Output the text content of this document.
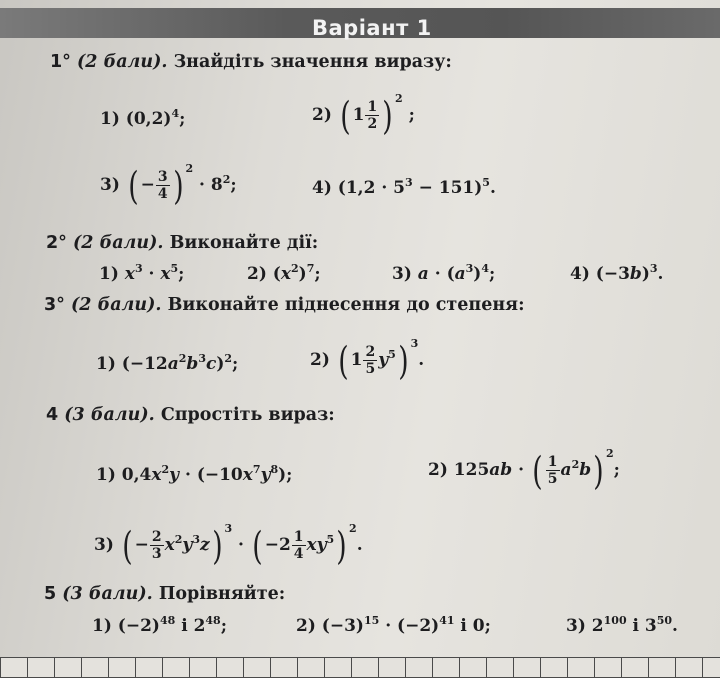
Варіант 1
1° (2 бали). Знайдіть значення виразу:
1) $(0,2)^4$;	2) ( $1 \frac{1}{2}$ ) $^2$ ;
3) ( − $\frac{3}{4}$ ) $^2 \cdot 8^2$;	4) $(1,2 \cdot 5^3 - 151)^5$.
2° (2 бали). Виконайте дії:
1) $x^3 \cdot x^5$;	2) $(x^2)^7$;	3) $a \cdot (a^3)^4$;	4) $(-3b)^3$.
3° (2 бали). Виконайте піднесення до степеня:
1) $(-12a^2b^3c)^2$;	2) ( $1 \frac{2}{5} y^5$) $^3$.
4 (3 бали). Спростіть вираз:
1) $0,4x^2y \cdot (-10x^7y^8)$;	2) 125ab · ( $\frac{1}{5} a^2b$) $^2$;
3) ( − $\frac{2}{3} x^2y^3z$) $^3$ · ( $-2 \frac{1}{4} xy^5$) $^2$.
5 (3 бали). Порівняйте:
1) $(-2)^{48}$ і $2^{48}$;	2) $(-3)^{15} \cdot (-2)^{41}$ і 0;	3) $2^{100}$ і $3^{50}$.
